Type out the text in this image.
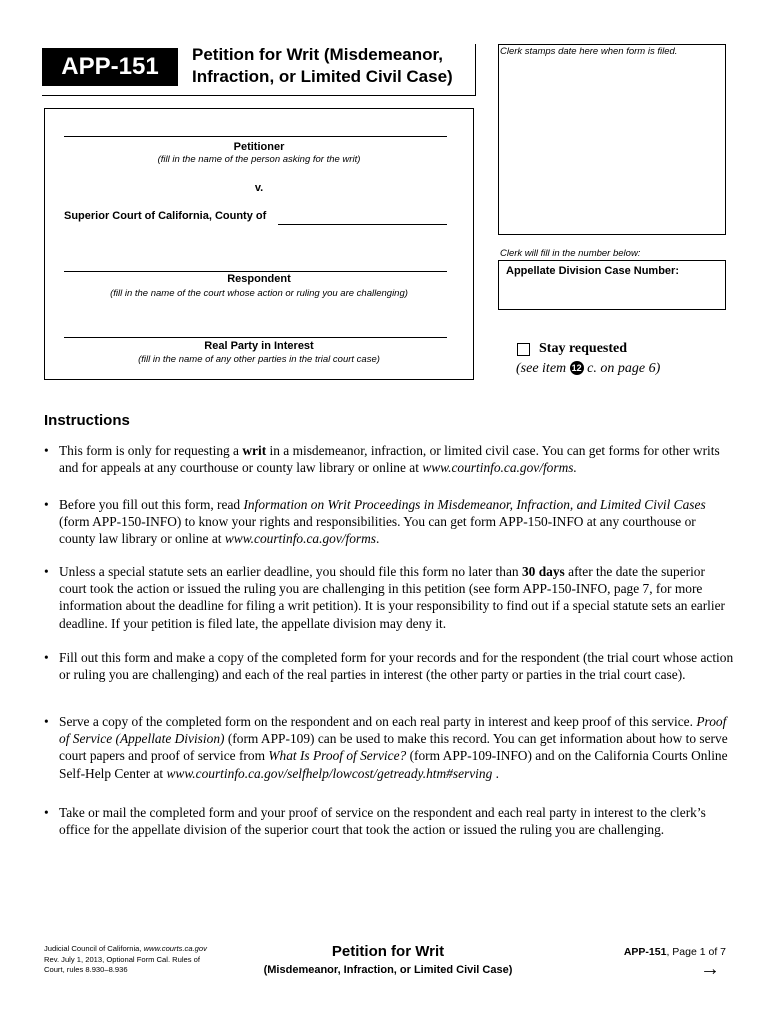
APP-151	Petition for Writ (Misdemeanor,
Infraction, or Limited Civil Case)
Petitioner
(fill in the name of the person asking for the writ)
v.
Superior Court of California, County of
Respondent
(fill in the name of the court whose action or ruling you are challenging)
Real Party in Interest
(fill in the name of any other parties in the trial court case)
Clerk stamps date here when form is filed.
Clerk will fill in the number below:
Appellate Division Case Number:
Stay requested
(see item 12 c. on page 6)
Instructions
• This form is only for requesting a writ in a misdemeanor, infraction, or limited civil case. You can get forms for other writs and for appeals at any courthouse or county law library or online at www.courtinfo.ca.gov/forms.
• Before you fill out this form, read Information on Writ Proceedings in Misdemeanor, Infraction, and Limited Civil Cases (form APP-150-INFO) to know your rights and responsibilities. You can get form APP-150-INFO at any courthouse or county law library or online at www.courtinfo.ca.gov/forms.
• Unless a special statute sets an earlier deadline, you should file this form no later than 30 days after the date the superior court took the action or issued the ruling you are challenging in this petition (see form APP-150-INFO, page 7, for more information about the deadline for filing a writ petition). It is your responsibility to find out if a special statute sets an earlier deadline. If your petition is filed late, the appellate division may deny it.
• Fill out this form and make a copy of the completed form for your records and for the respondent (the trial court whose action or ruling you are challenging) and each of the real parties in interest (the other party or parties in the trial court case).
• Serve a copy of the completed form on the respondent and on each real party in interest and keep proof of this service. Proof of Service (Appellate Division) (form APP-109) can be used to make this record. You can get information about how to serve court papers and proof of service from What Is Proof of Service? (form APP-109-INFO) and on the California Courts Online Self-Help Center at www.courtinfo.ca.gov/selfhelp/lowcost/getready.htm#serving .
• Take or mail the completed form and your proof of service on the respondent and each real party in interest to the clerk’s office for the appellate division of the superior court that took the action or issued the ruling you are challenging.
Judicial Council of California, www.courts.ca.gov
Rev. July 1, 2013, Optional Form Cal. Rules of
Court, rules 8.930–8.936
Petition for Writ
(Misdemeanor, Infraction, or Limited Civil Case)
APP-151, Page 1 of 7
→
